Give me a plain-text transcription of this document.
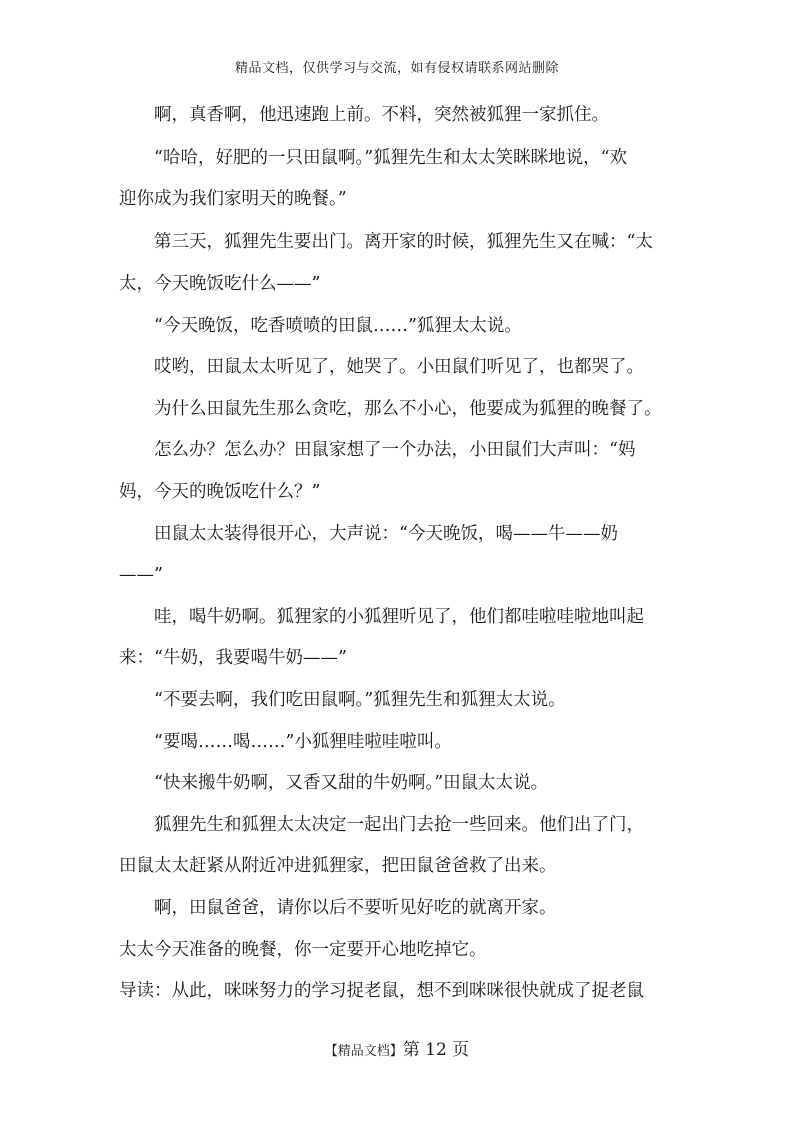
精品文档，仅供学习与交流，如有侵权请联系网站删除
　　啊，真香啊，他迅速跑上前。不料，突然被狐狸一家抓住。
　　“哈哈，好肥的一只田鼠啊。”狐狸先生和太太笑眯眯地说，“欢
迎你成为我们家明天的晚餐。”
　　第三天，狐狸先生要出门。离开家的时候，狐狸先生又在喊：“太
太，今天晚饭吃什么——”
　　“今天晚饭，吃香喷喷的田鼠……”狐狸太太说。
　　哎哟，田鼠太太听见了，她哭了。小田鼠们听见了，也都哭了。
　　为什么田鼠先生那么贪吃，那么不小心，他要成为狐狸的晚餐了。
　　怎么办？怎么办？田鼠家想了一个办法，小田鼠们大声叫：“妈
妈，今天的晚饭吃什么？”
　　田鼠太太装得很开心，大声说：“今天晚饭，喝——牛——奶
——”
　　哇，喝牛奶啊。狐狸家的小狐狸听见了，他们都哇啦哇啦地叫起
来：“牛奶，我要喝牛奶——”
　　“不要去啊，我们吃田鼠啊。”狐狸先生和狐狸太太说。
　　“要喝……喝……”小狐狸哇啦哇啦叫。
　　“快来搬牛奶啊，又香又甜的牛奶啊。”田鼠太太说。
　　狐狸先生和狐狸太太决定一起出门去抢一些回来。他们出了门，
田鼠太太赶紧从附近冲进狐狸家，把田鼠爸爸救了出来。
　　啊，田鼠爸爸，请你以后不要听见好吃的就离开家。
太太今天准备的晚餐，你一定要开心地吃掉它。
导读：从此，咪咪努力的学习捉老鼠，想不到咪咪很快就成了捉老鼠
【精品文档】第 12 页
